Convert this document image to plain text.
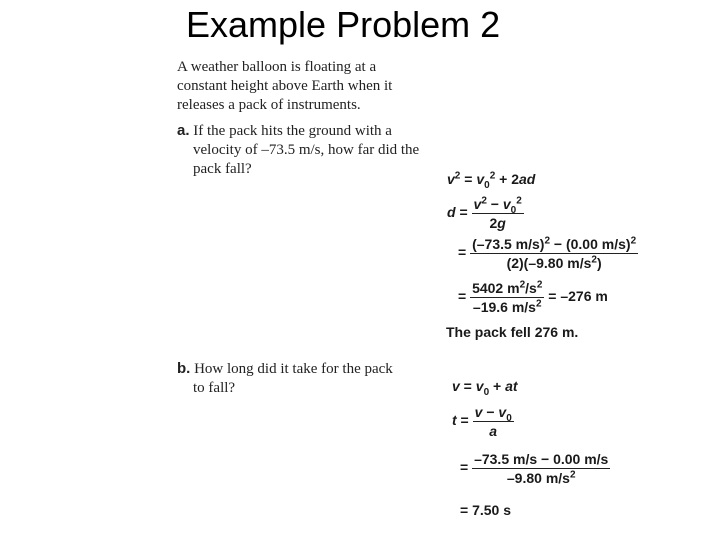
Example Problem 2
A weather balloon is floating at a
constant height above Earth when it
releases a pack of instruments.
a. If the pack hits the ground with a
velocity of –73.5 m/s, how far did the
pack fall?
b. How long did it take for the pack
to fall?
$v^2 = v_0^2 + 2ad$
$d = \frac{v^2 - v_0^2}{2g}$
= $\frac{(-73.5 m/s)^2 - (0.00 m/s)^2}{(2)(-9.80 m/s^2)}$
= $\frac{5402 m^2/s^2}{-19.6 m/s^2} = -276$ m
The pack fell 276 m.
$v = v_0$ + at
$t = \frac{v - v_0}{a}$
= $\frac{-73.5 m/s - 0.00 m/s}{-9.80 m/s^2}$
= 7.50 s
